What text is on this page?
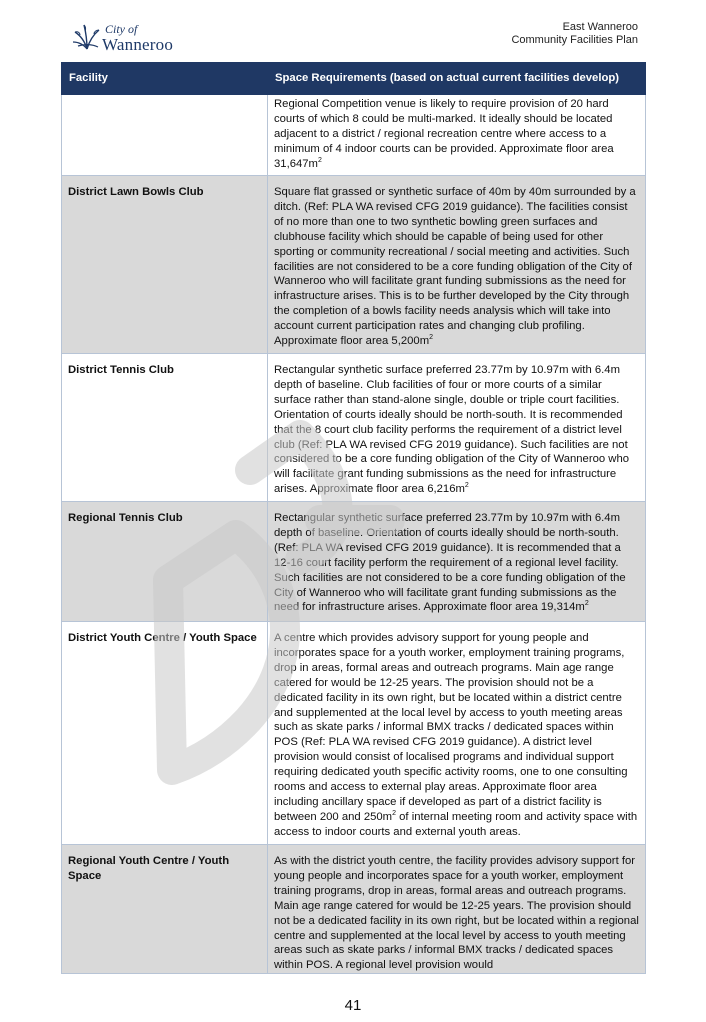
City of
Wanneroo
East Wanneroo
Community Facilities Plan
Facility	Space Requirements (based on actual current facilities develop)
	Regional Competition venue is likely to require provision of 20 hard courts of which 8 could be multi-marked. It ideally should be located adjacent to a district / regional recreation centre where access to a minimum of 4 indoor courts can be provided. Approximate floor area $31,647m^2$
District Lawn Bowls Club	Square flat grassed or synthetic surface of 40m by 40m surrounded by a ditch. (Ref: PLA WA revised CFG 2019 guidance). The facilities consist of no more than one to two synthetic bowling green surfaces and clubhouse facility which should be capable of being used for other sporting or community recreational / social meeting and activities. Such facilities are not considered to be a core funding obligation of the City of Wanneroo who will facilitate grant funding submissions as the need for infrastructure arises. This is to be further developed by the City through the completion of a bowls facility needs analysis which will take into account current participation rates and changing club profiling. Approximate floor area $5,200m^2$
District Tennis Club	Rectangular synthetic surface preferred 23.77m by 10.97m with 6.4m depth of baseline. Club facilities of four or more courts of a similar surface rather than stand-alone single, double or triple court facilities. Orientation of courts ideally should be north-south. It is recommended that the 8 court club facility performs the requirement of a district level club (Ref: PLA WA revised CFG 2019 guidance). Such facilities are not considered to be a core funding obligation of the City of Wanneroo who will facilitate grant funding submissions as the need for infrastructure arises. Approximate floor area $6,216m^2$
Regional Tennis Club	Rectangular synthetic surface preferred 23.77m by 10.97m with 6.4m depth of baseline. Orientation of courts ideally should be north-south. (Ref: PLA WA revised CFG 2019 guidance). It is recommended that a 12-16 court facility perform the requirement of a regional level facility. Such facilities are not considered to be a core funding obligation of the City of Wanneroo who will facilitate grant funding submissions as the need for infrastructure arises. Approximate floor area $19,314m^2$
District Youth Centre / Youth Space	A centre which provides advisory support for young people and incorporates space for a youth worker, employment training programs, drop in areas, formal areas and outreach programs. Main age range catered for would be 12-25 years. The provision should not be a dedicated facility in its own right, but be located within a district centre and supplemented at the local level by access to youth meeting areas such as skate parks / informal BMX tracks / dedicated spaces within POS (Ref: PLA WA revised CFG 2019 guidance). A district level provision would consist of localised programs and individual support requiring dedicated youth specific activity rooms, one to one consulting rooms and access to external play areas. Approximate floor area including ancillary space if developed as part of a district facility is between 200 and $250m^2$ of internal meeting room and activity space with access to indoor courts and external youth areas.
Regional Youth Centre / Youth Space	As with the district youth centre, the facility provides advisory support for young people and incorporates space for a youth worker, employment training programs, drop in areas, formal areas and outreach programs. Main age range catered for would be 12-25 years. The provision should not be a dedicated facility in its own right, but be located within a regional centre and supplemented at the local level by access to youth meeting areas such as skate parks / informal BMX tracks / dedicated spaces within POS. A regional level provision would
41
